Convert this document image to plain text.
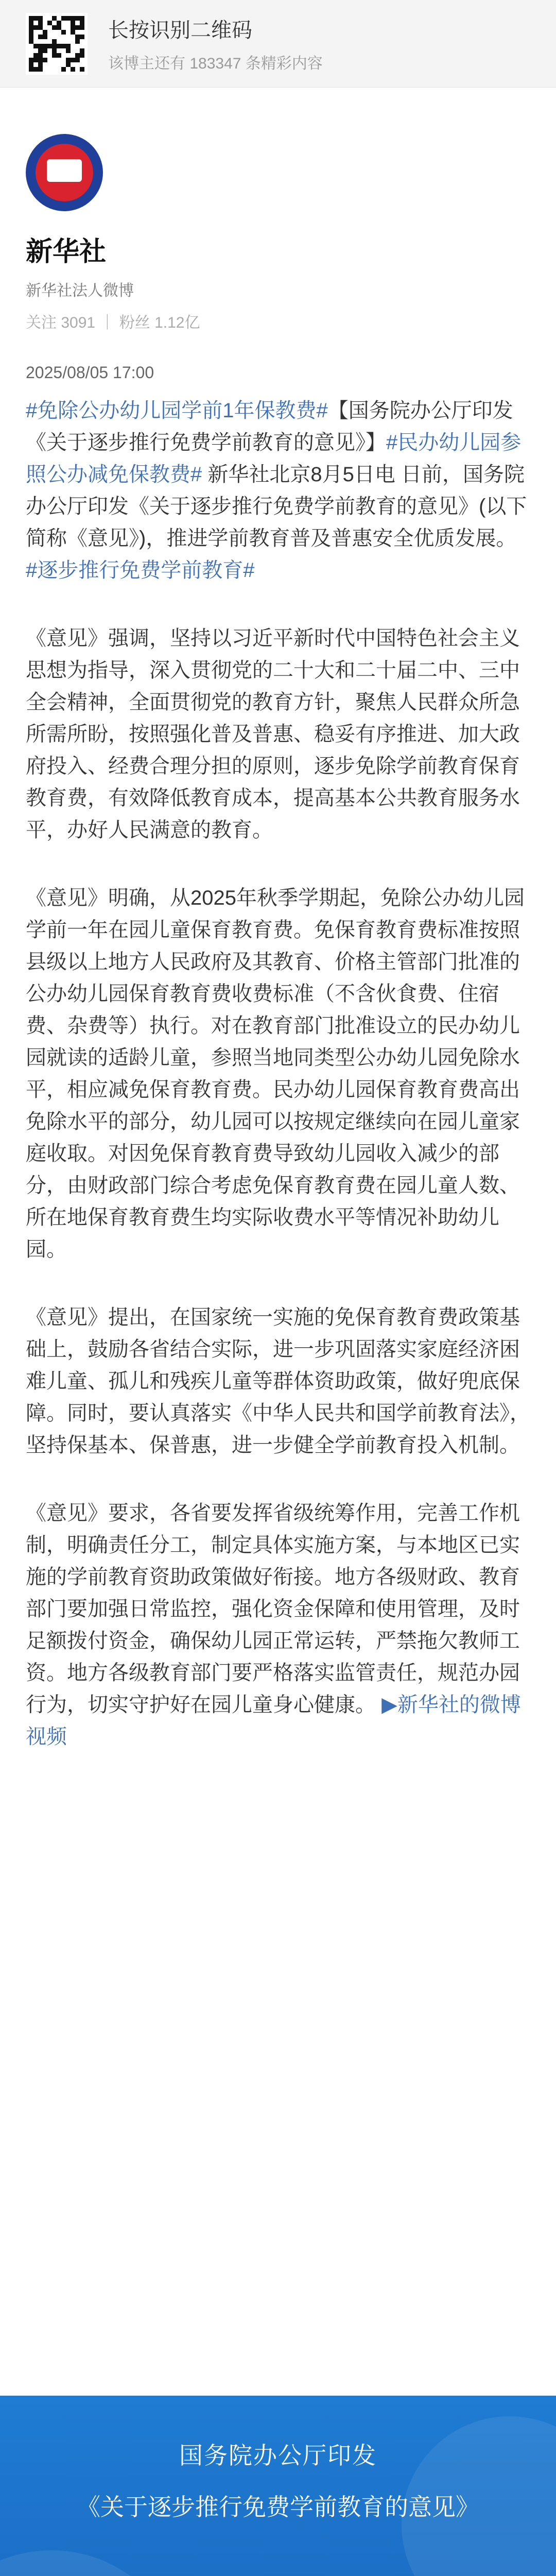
长按识别二维码
该博主还有 183347 条精彩内容
新华社
新华社法人微博
关注 3091 ｜ 粉丝 1.12亿
2025/08/05 17:00

#免除公办幼儿园学前1年保教费#【国务院办公厅印发《关于逐步推行免费学前教育的意见》】#民办幼儿园参照公办减免保教费# 新华社北京8月5日电 日前，国务院办公厅印发《关于逐步推行免费学前教育的意见》(以下简称《意见》)，推进学前教育普及普惠安全优质发展。
#逐步推行免费学前教育#

《意见》强调，坚持以习近平新时代中国特色社会主义思想为指导，深入贯彻党的二十大和二十届二中、三中全会精神，全面贯彻党的教育方针，聚焦人民群众所急所需所盼，按照强化普及普惠、稳妥有序推进、加大政府投入、经费合理分担的原则，逐步免除学前教育保育教育费，有效降低教育成本，提高基本公共教育服务水平，办好人民满意的教育。

《意见》明确，从2025年秋季学期起，免除公办幼儿园学前一年在园儿童保育教育费。免保育教育费标准按照县级以上地方人民政府及其教育、价格主管部门批准的公办幼儿园保育教育费收费标准（不含伙食费、住宿费、杂费等）执行。对在教育部门批准设立的民办幼儿园就读的适龄儿童，参照当地同类型公办幼儿园免除水平，相应减免保育教育费。民办幼儿园保育教育费高出免除水平的部分，幼儿园可以按规定继续向在园儿童家庭收取。对因免保育教育费导致幼儿园收入减少的部分，由财政部门综合考虑免保育教育费在园儿童人数、所在地保育教育费生均实际收费水平等情况补助幼儿园。

《意见》提出，在国家统一实施的免保育教育费政策基础上，鼓励各省结合实际，进一步巩固落实家庭经济困难儿童、孤儿和残疾儿童等群体资助政策，做好兜底保障。同时，要认真落实《中华人民共和国学前教育法》，坚持保基本、保普惠，进一步健全学前教育投入机制。

《意见》要求，各省要发挥省级统筹作用，完善工作机制，明确责任分工，制定具体实施方案，与本地区已实施的学前教育资助政策做好衔接。地方各级财政、教育部门要加强日常监控，强化资金保障和使用管理，及时足额拨付资金，确保幼儿园正常运转，严禁拖欠教师工资。地方各级教育部门要严格落实监管责任，规范办园行为，切实守护好在园儿童身心健康。 ▶新华社的微博视频

国务院办公厅印发
《关于逐步推行免费学前教育的意见》
